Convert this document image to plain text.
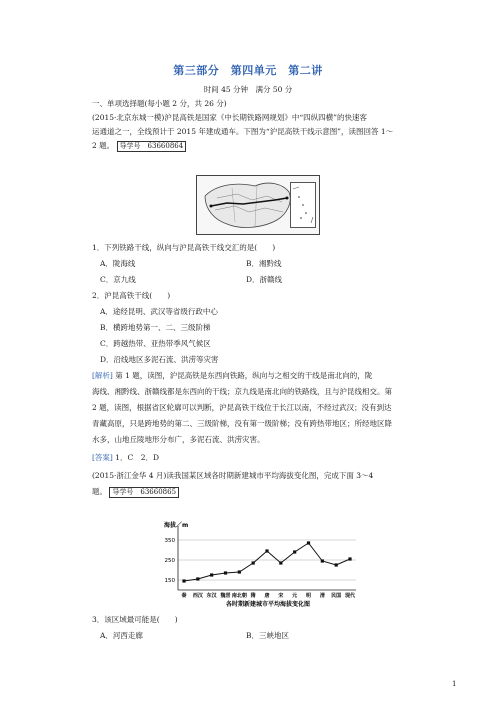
第三部分　第四单元　第二讲
时间 45 分钟　满分 50 分
一、单项选择题(每小题 2 分，共 26 分)
(2015·北京东城一模)沪昆高铁是国家《中长期铁路网规划》中“四纵四横”的快速客
运通道之一，全线预计于 2015 年建成通车。下图为“沪昆高铁干线示意图”，读图回答 1～
2 题。 导学号　63660864
1．下列铁路干线，纵向与沪昆高铁干线交汇的是(　　)
A．陇海线	B．湘黔线
C．京九线	D．浙赣线
2．沪昆高铁干线(　　)
A．途经昆明、武汉等省级行政中心
B．横跨地势第一、二、三级阶梯
C．跨越热带、亚热带季风气候区
D．沿线地区多泥石流、洪涝等灾害
[解析] 第 1 题，读图，沪昆高铁是东西向铁路，纵向与之相交的干线是南北向的，陇
海线、湘黔线、浙赣线都是东西向的干线；京九线是南北向的铁路线，且与沪昆线相交。第
2 题，读图，根据省区轮廓可以判断，沪昆高铁干线位于长江以南，不经过武汉；没有到达
青藏高原，只是跨地势的第二、三级阶梯，没有第一级阶梯；没有跨热带地区；所经地区降
水多，山地丘陵地形分布广，多泥石流、洪涝灾害。
[答案] 1．C　2．D
(2015·浙江金华 4 月)读我国某区域各时期新建城市平均海拔变化图，完成下面 3～4
题。 导学号　63660865
海拔／m
150
250
350
秦 西汉 东汉 魏晋 南北朝 隋 唐 宋 元 明 清 民国 现代
各时期新建城市平均海拔变化图
3．该区域最可能是(　　)
A．河西走廊	B．三峡地区
1
